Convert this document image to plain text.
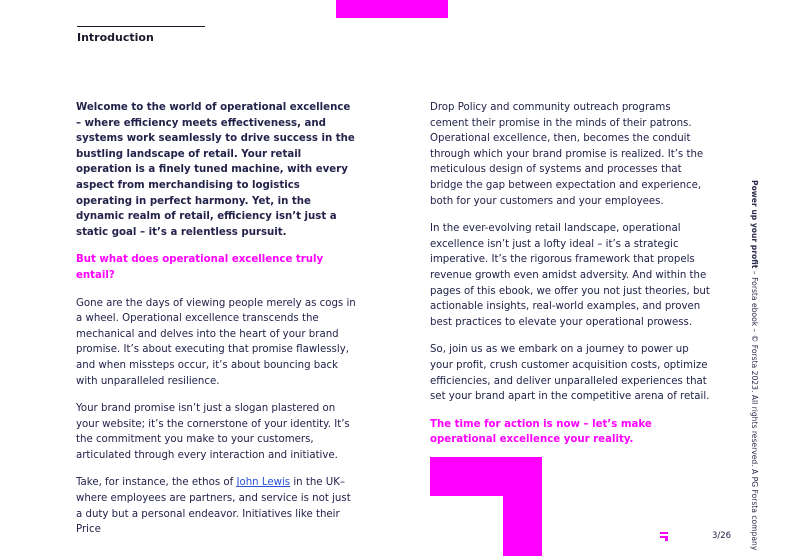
Introduction

Welcome to the world of operational excellence – where efficiency meets effectiveness, and systems work seamlessly to drive success in the bustling landscape of retail. Your retail operation is a finely tuned machine, with every aspect from merchandising to logistics operating in perfect harmony. Yet, in the dynamic realm of retail, efficiency isn’t just a static goal – it’s a relentless pursuit.

But what does operational excellence truly entail?

Gone are the days of viewing people merely as cogs in a wheel. Operational excellence transcends the mechanical and delves into the heart of your brand promise. It’s about executing that promise flawlessly, and when missteps occur, it’s about bouncing back with unparalleled resilience.

Your brand promise isn’t just a slogan plastered on your website; it’s the cornerstone of your identity. It’s the commitment you make to your customers, articulated through every interaction and initiative.

Take, for instance, the ethos of John Lewis in the UK– where employees are partners, and service is not just a duty but a personal endeavor. Initiatives like their Price

Drop Policy and community outreach programs cement their promise in the minds of their patrons. Operational excellence, then, becomes the conduit through which your brand promise is realized. It’s the meticulous design of systems and processes that bridge the gap between expectation and experience, both for your customers and your employees.

In the ever-evolving retail landscape, operational excellence isn’t just a lofty ideal – it’s a strategic imperative. It’s the rigorous framework that propels revenue growth even amidst adversity. And within the pages of this ebook, we offer you not just theories, but actionable insights, real-world examples, and proven best practices to elevate your operational prowess.

So, join us as we embark on a journey to power up your profit, crush customer acquisition costs, optimize efficiencies, and deliver unparalleled experiences that set your brand apart in the competitive arena of retail.

The time for action is now – let’s make operational excellence your reality.

Power up your profit – Forsta ebook – © Forsta 2023. All rights reserved. A PG Forsta company
3/26
